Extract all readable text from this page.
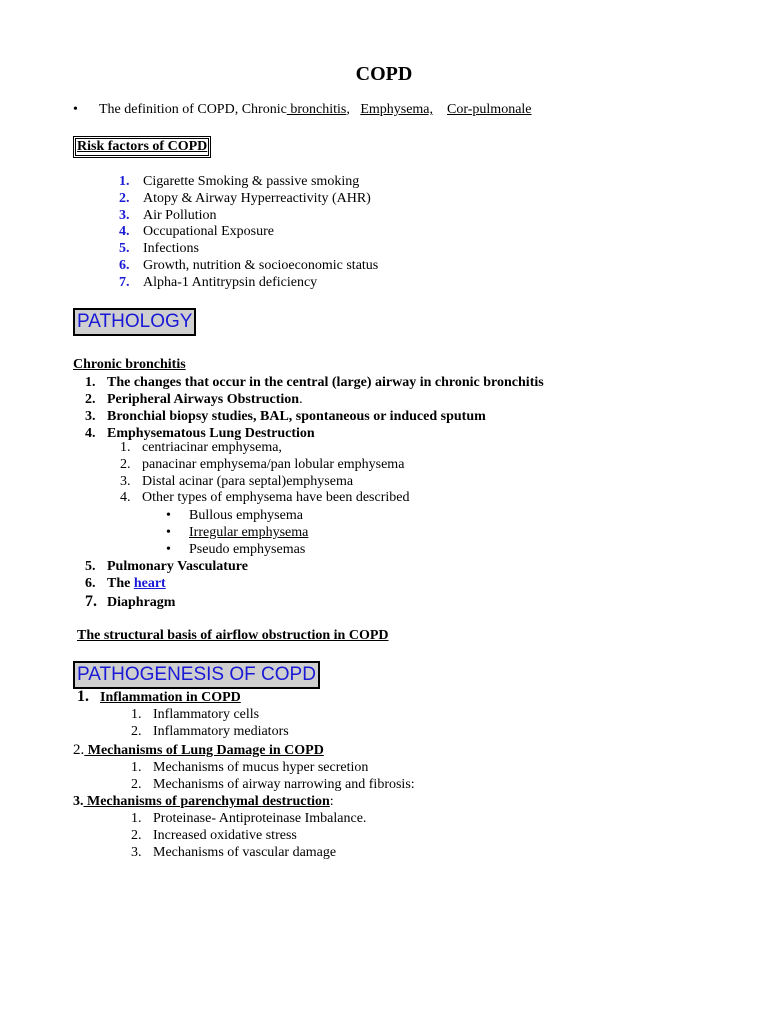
COPD
• The definition of COPD, Chronic bronchitis, Emphysema, Cor-pulmonale
Risk factors of COPD
1. Cigarette Smoking & passive smoking
2. Atopy & Airway Hyperreactivity (AHR)
3. Air Pollution
4. Occupational Exposure
5. Infections
6. Growth, nutrition & socioeconomic status
7. Alpha-1 Antitrypsin deficiency
PATHOLOGY
Chronic bronchitis
1. The changes that occur in the central (large) airway in chronic bronchitis
2. Peripheral Airways Obstruction.
3. Bronchial biopsy studies, BAL, spontaneous or induced sputum
4. Emphysematous Lung Destruction
1. centriacinar emphysema,
2. panacinar emphysema/pan lobular emphysema
3. Distal acinar (para septal)emphysema
4. Other types of emphysema have been described
• Bullous emphysema
• Irregular emphysema
• Pseudo emphysemas
5. Pulmonary Vasculature
6. The heart
7. Diaphragm
The structural basis of airflow obstruction in COPD
PATHOGENESIS OF COPD
1. Inflammation in COPD
1. Inflammatory cells
2. Inflammatory mediators
2. Mechanisms of Lung Damage in COPD
1. Mechanisms of mucus hyper secretion
2. Mechanisms of airway narrowing and fibrosis:
3. Mechanisms of parenchymal destruction:
1. Proteinase- Antiproteinase Imbalance.
2. Increased oxidative stress
3. Mechanisms of vascular damage
